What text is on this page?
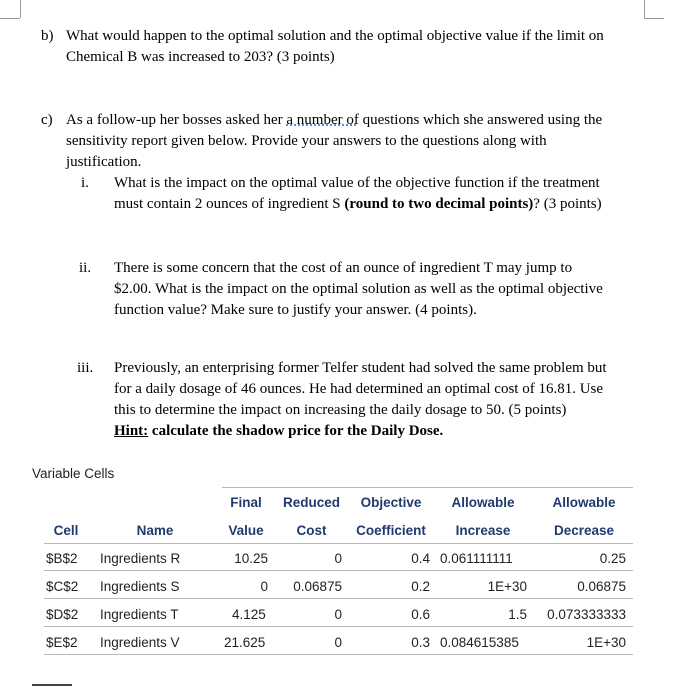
b) What would happen to the optimal solution and the optimal objective value if the limit on
Chemical B was increased to 203? (3 points)
c) As a follow-up her bosses asked her a number of questions which she answered using the
sensitivity report given below. Provide your answers to the questions along with
justification.
i. What is the impact on the optimal value of the objective function if the treatment
must contain 2 ounces of ingredient S (round to two decimal points)? (3 points)
ii. There is some concern that the cost of an ounce of ingredient T may jump to
$2.00. What is the impact on the optimal solution as well as the optimal objective
function value? Make sure to justify your answer. (4 points).
iii. Previously, an enterprising former Telfer student had solved the same problem but
for a daily dosage of 46 ounces. He had determined an optimal cost of 16.81. Use
this to determine the impact on increasing the daily dosage to 50. (5 points)
Hint: calculate the shadow price for the Daily Dose.
Variable Cells
Final	Reduced	Objective	Allowable	Allowable
Cell	Name	Value	Cost	Coefficient	Increase	Decrease
$B$2 Ingredients R	10.25	0	0.4 0.061111111	0.25
$C$2 Ingredients S	0	0.06875	0.2	1E+30	0.06875
$D$2 Ingredients T	4.125	0	0.6	1.5	0.073333333
$E$2 Ingredients V	21.625	0	0.3 0.084615385	1E+30
